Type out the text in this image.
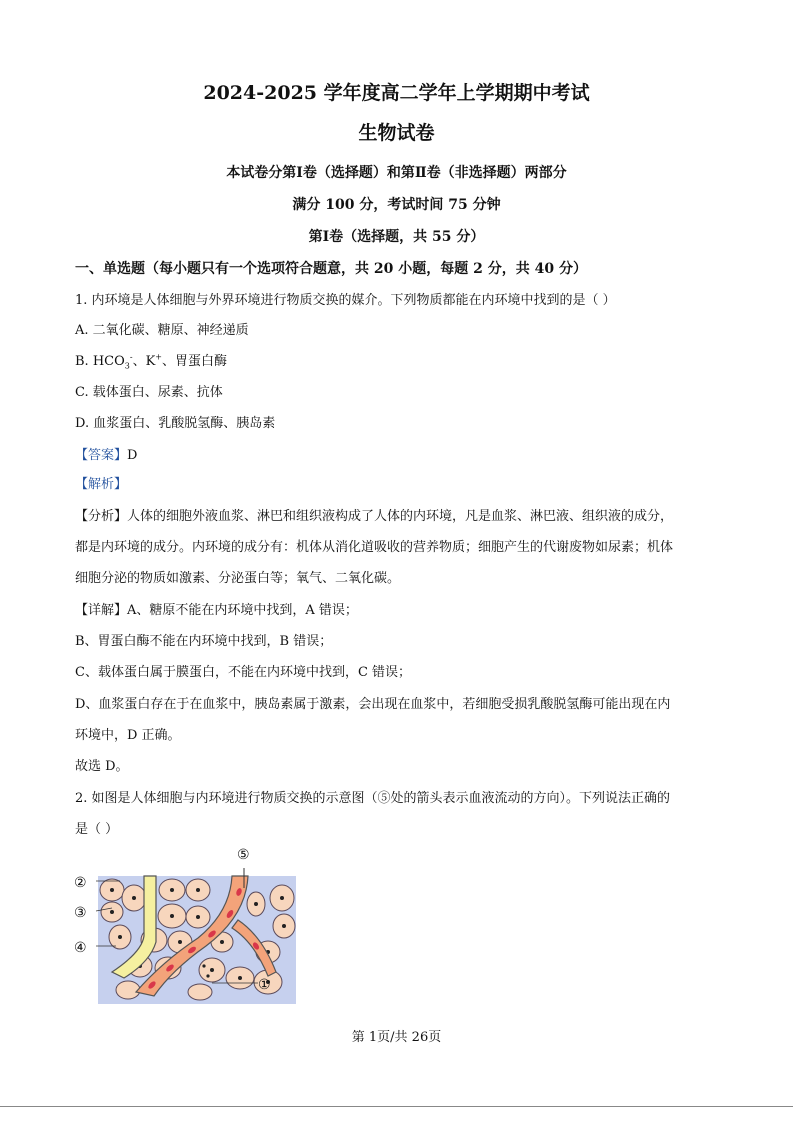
2024-2025 学年度高二学年上学期期中考试
生物试卷
本试卷分第Ⅰ卷（选择题）和第Ⅱ卷（非选择题）两部分
满分 100 分，考试时间 75 分钟
第Ⅰ卷（选择题，共 55 分）
一、单选题（每小题只有一个选项符合题意，共 20 小题，每题 2 分，共 40 分）
1. 内环境是人体细胞与外界环境进行物质交换的媒介。下列物质都能在内环境中找到的是（ ）
A. 二氧化碳、糖原、神经递质
B. $HCO_3^-$、K+、胃蛋白酶
C. 载体蛋白、尿素、抗体
D. 血浆蛋白、乳酸脱氢酶、胰岛素
【答案】D
【解析】
【分析】人体的细胞外液血浆、淋巴和组织液构成了人体的内环境，凡是血浆、淋巴液、组织液的成分，
都是内环境的成分。内环境的成分有：机体从消化道吸收的营养物质；细胞产生的代谢废物如尿素；机体
细胞分泌的物质如激素、分泌蛋白等；氧气、二氧化碳。
【详解】A、糖原不能在内环境中找到，A 错误；
B、胃蛋白酶不能在内环境中找到，B 错误；
C、载体蛋白属于膜蛋白，不能在内环境中找到，C 错误；
D、血浆蛋白存在于在血浆中，胰岛素属于激素，会出现在血浆中，若细胞受损乳酸脱氢酶可能出现在内
环境中，D 正确。
故选 D。
2. 如图是人体细胞与内环境进行物质交换的示意图（⑤处的箭头表示血液流动的方向）。下列说法正确的
是（ ）
②
③
④
①
⑤
第 1页/共 26页
